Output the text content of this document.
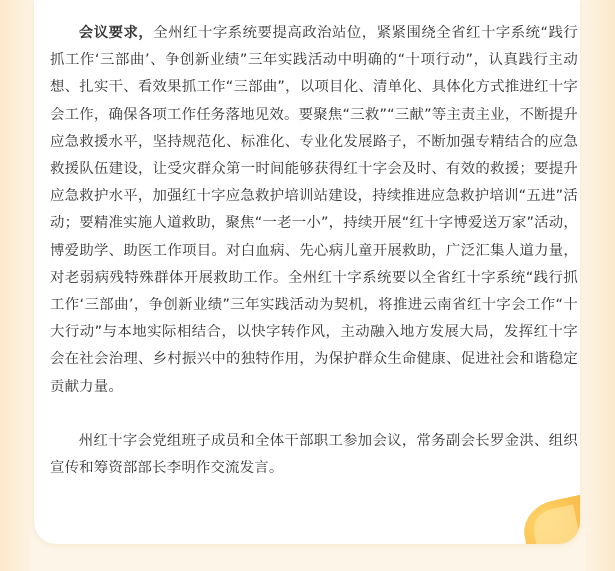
会议要求，全州红十字系统要提高政治站位，紧紧围绕全省红十字系统“践行抓工作‘三部曲’、争创新业绩”三年实践活动中明确的“十项行动”，认真践行主动想、扎实干、看效果抓工作“三部曲”，以项目化、清单化、具体化方式推进红十字会工作，确保各项工作任务落地见效。要聚焦“三救”“三献”等主责主业，不断提升应急救援水平，坚持规范化、标准化、专业化发展路子，不断加强专精结合的应急救援队伍建设，让受灾群众第一时间能够获得红十字会及时、有效的救援；要提升应急救护水平，加强红十字应急救护培训站建设，持续推进应急救护培训“五进”活动；要精准实施人道救助，聚焦“一老一小”，持续开展“红十字博爱送万家”活动，博爱助学、助医工作项目。对白血病、先心病儿童开展救助，广泛汇集人道力量，对老弱病残特殊群体开展救助工作。全州红十字系统要以全省红十字系统“践行抓工作‘三部曲’，争创新业绩”三年实践活动为契机，将推进云南省红十字会工作“十大行动”与本地实际相结合，以快字转作风，主动融入地方发展大局，发挥红十字会在社会治理、乡村振兴中的独特作用，为保护群众生命健康、促进社会和谐稳定贡献力量。

州红十字会党组班子成员和全体干部职工参加会议，常务副会长罗金洪、组织宣传和筹资部部长李明作交流发言。
